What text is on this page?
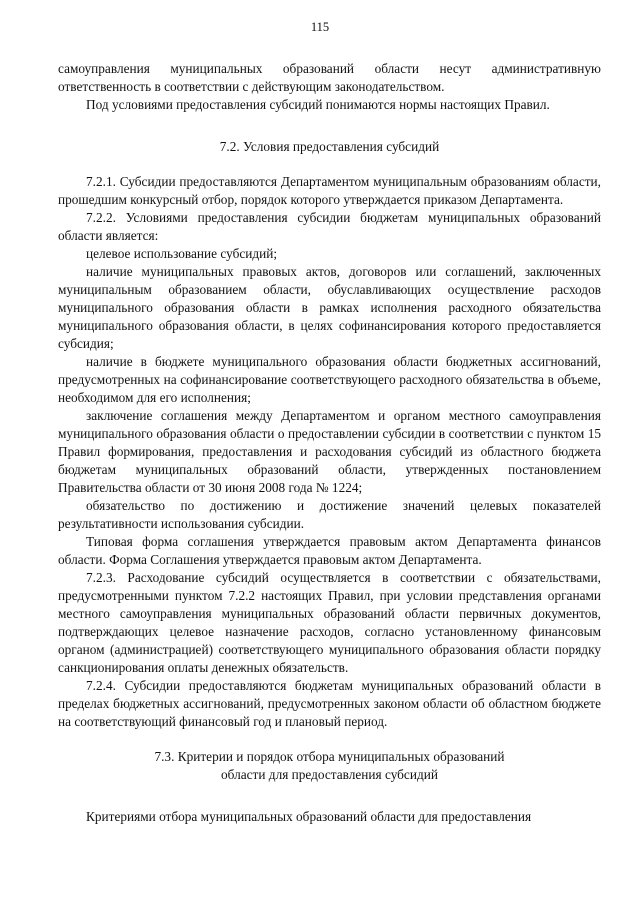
115

самоуправления муниципальных образований области несут административную ответственность в соответствии с действующим законодательством.

Под условиями предоставления субсидий понимаются нормы настоящих Правил.

7.2. Условия предоставления субсидий

7.2.1. Субсидии предоставляются Департаментом муниципальным образованиям области, прошедшим конкурсный отбор, порядок которого утверждается приказом Департамента.

7.2.2. Условиями предоставления субсидии бюджетам муниципальных образований области является:

целевое использование субсидий;

наличие муниципальных правовых актов, договоров или соглашений, заключенных муниципальным образованием области, обуславливающих осуществление расходов муниципального образования области в рамках исполнения расходного обязательства муниципального образования области, в целях софинансирования которого предоставляется субсидия;

наличие в бюджете муниципального образования области бюджетных ассигнований, предусмотренных на софинансирование соответствующего расходного обязательства в объеме, необходимом для его исполнения;

заключение соглашения между Департаментом и органом местного самоуправления муниципального образования области о предоставлении субсидии в соответствии с пунктом 15 Правил формирования, предоставления и расходования субсидий из областного бюджета бюджетам муниципальных образований области, утвержденных постановлением Правительства области от 30 июня 2008 года № 1224;

обязательство по достижению и достижение значений целевых показателей результативности использования субсидии.

Типовая форма соглашения утверждается правовым актом Департамента финансов области. Форма Соглашения утверждается правовым актом Департамента.

7.2.3. Расходование субсидий осуществляется в соответствии с обязательствами, предусмотренными пунктом 7.2.2 настоящих Правил, при условии представления органами местного самоуправления муниципальных образований области первичных документов, подтверждающих целевое назначение расходов, согласно установленному финансовым органом (администрацией) соответствующего муниципального образования области порядку санкционирования оплаты денежных обязательств.

7.2.4. Субсидии предоставляются бюджетам муниципальных образований области в пределах бюджетных ассигнований, предусмотренных законом области об областном бюджете на соответствующий финансовый год и плановый период.

7.3. Критерии и порядок отбора муниципальных образований
области для предоставления субсидий

Критериями отбора муниципальных образований области для предоставления
